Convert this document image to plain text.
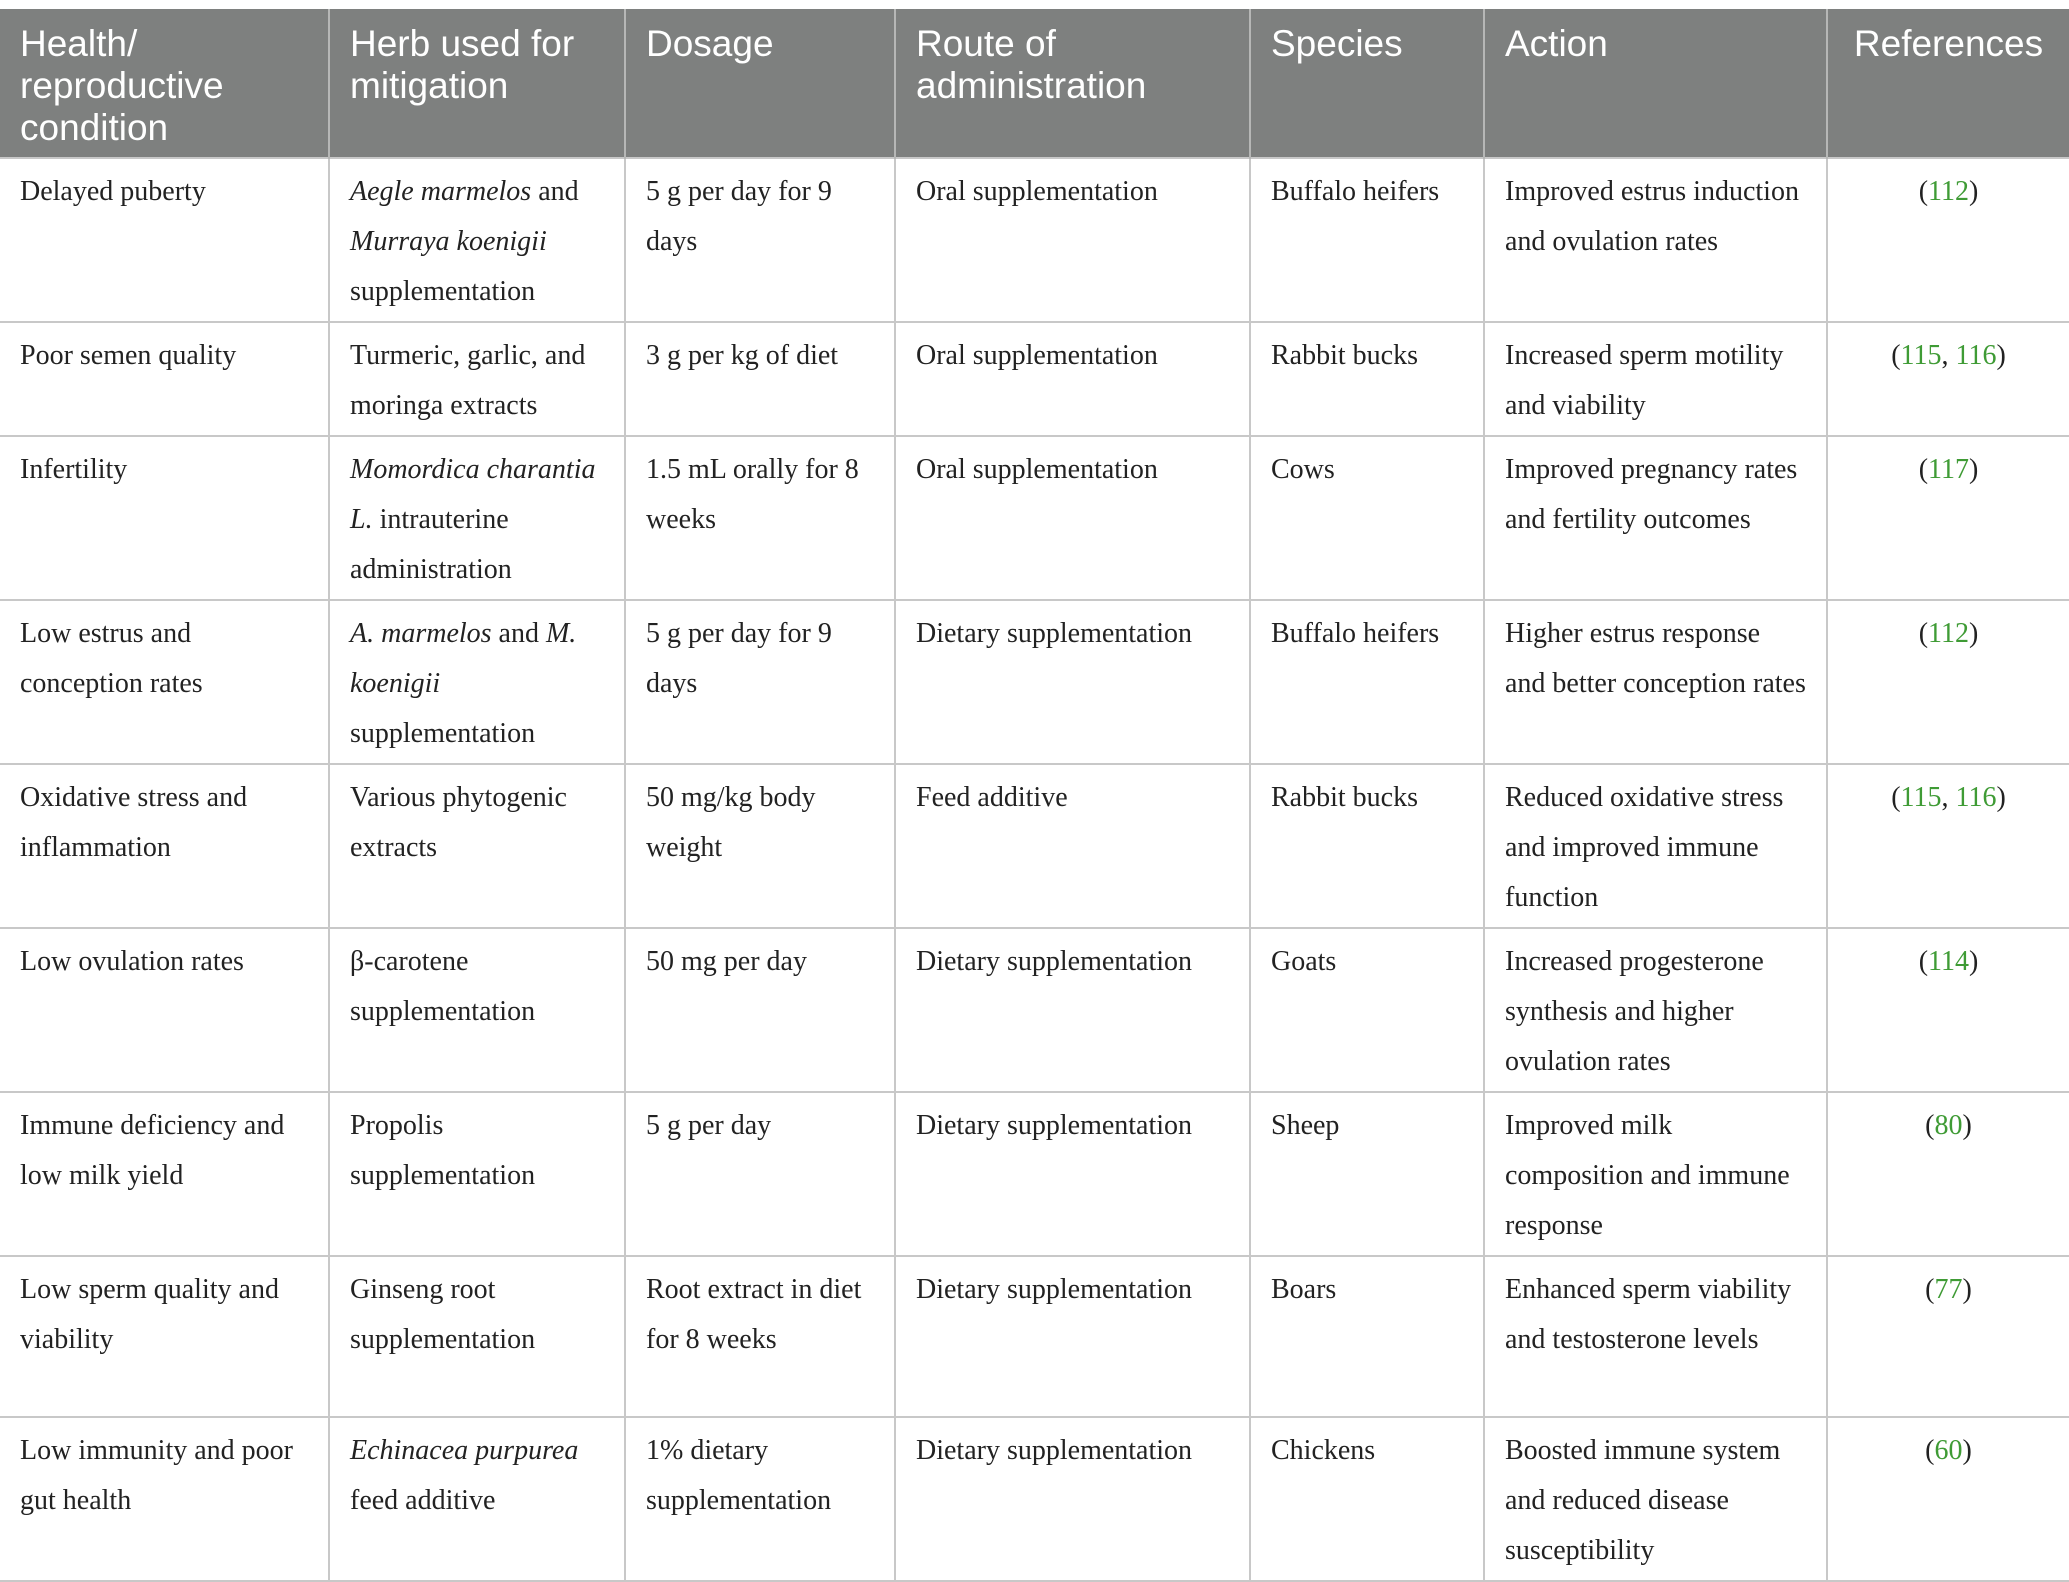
Health/ reproductive condition	Herb used for mitigation	Dosage	Route of administration	Species	Action	References
Delayed puberty	Aegle marmelos and Murraya koenigii supplementation	5 g per day for 9 days	Oral supplementation	Buffalo heifers	Improved estrus induction and ovulation rates	(112)
Poor semen quality	Turmeric, garlic, and moringa extracts	3 g per kg of diet	Oral supplementation	Rabbit bucks	Increased sperm motility and viability	(115, 116)
Infertility	Momordica charantia L. intrauterine administration	1.5 mL orally for 8 weeks	Oral supplementation	Cows	Improved pregnancy rates and fertility outcomes	(117)
Low estrus and conception rates	A. marmelos and M. koenigii supplementation	5 g per day for 9 days	Dietary supplementation	Buffalo heifers	Higher estrus response and better conception rates	(112)
Oxidative stress and inflammation	Various phytogenic extracts	50 mg/kg body weight	Feed additive	Rabbit bucks	Reduced oxidative stress and improved immune function	(115, 116)
Low ovulation rates	β-carotene supplementation	50 mg per day	Dietary supplementation	Goats	Increased progesterone synthesis and higher ovulation rates	(114)
Immune deficiency and low milk yield	Propolis supplementation	5 g per day	Dietary supplementation	Sheep	Improved milk composition and immune response	(80)
Low sperm quality and viability	Ginseng root supplementation	Root extract in diet for 8 weeks	Dietary supplementation	Boars	Enhanced sperm viability and testosterone levels	(77)
Low immunity and poor gut health	Echinacea purpurea feed additive	1% dietary supplementation	Dietary supplementation	Chickens	Boosted immune system and reduced disease susceptibility	(60)
